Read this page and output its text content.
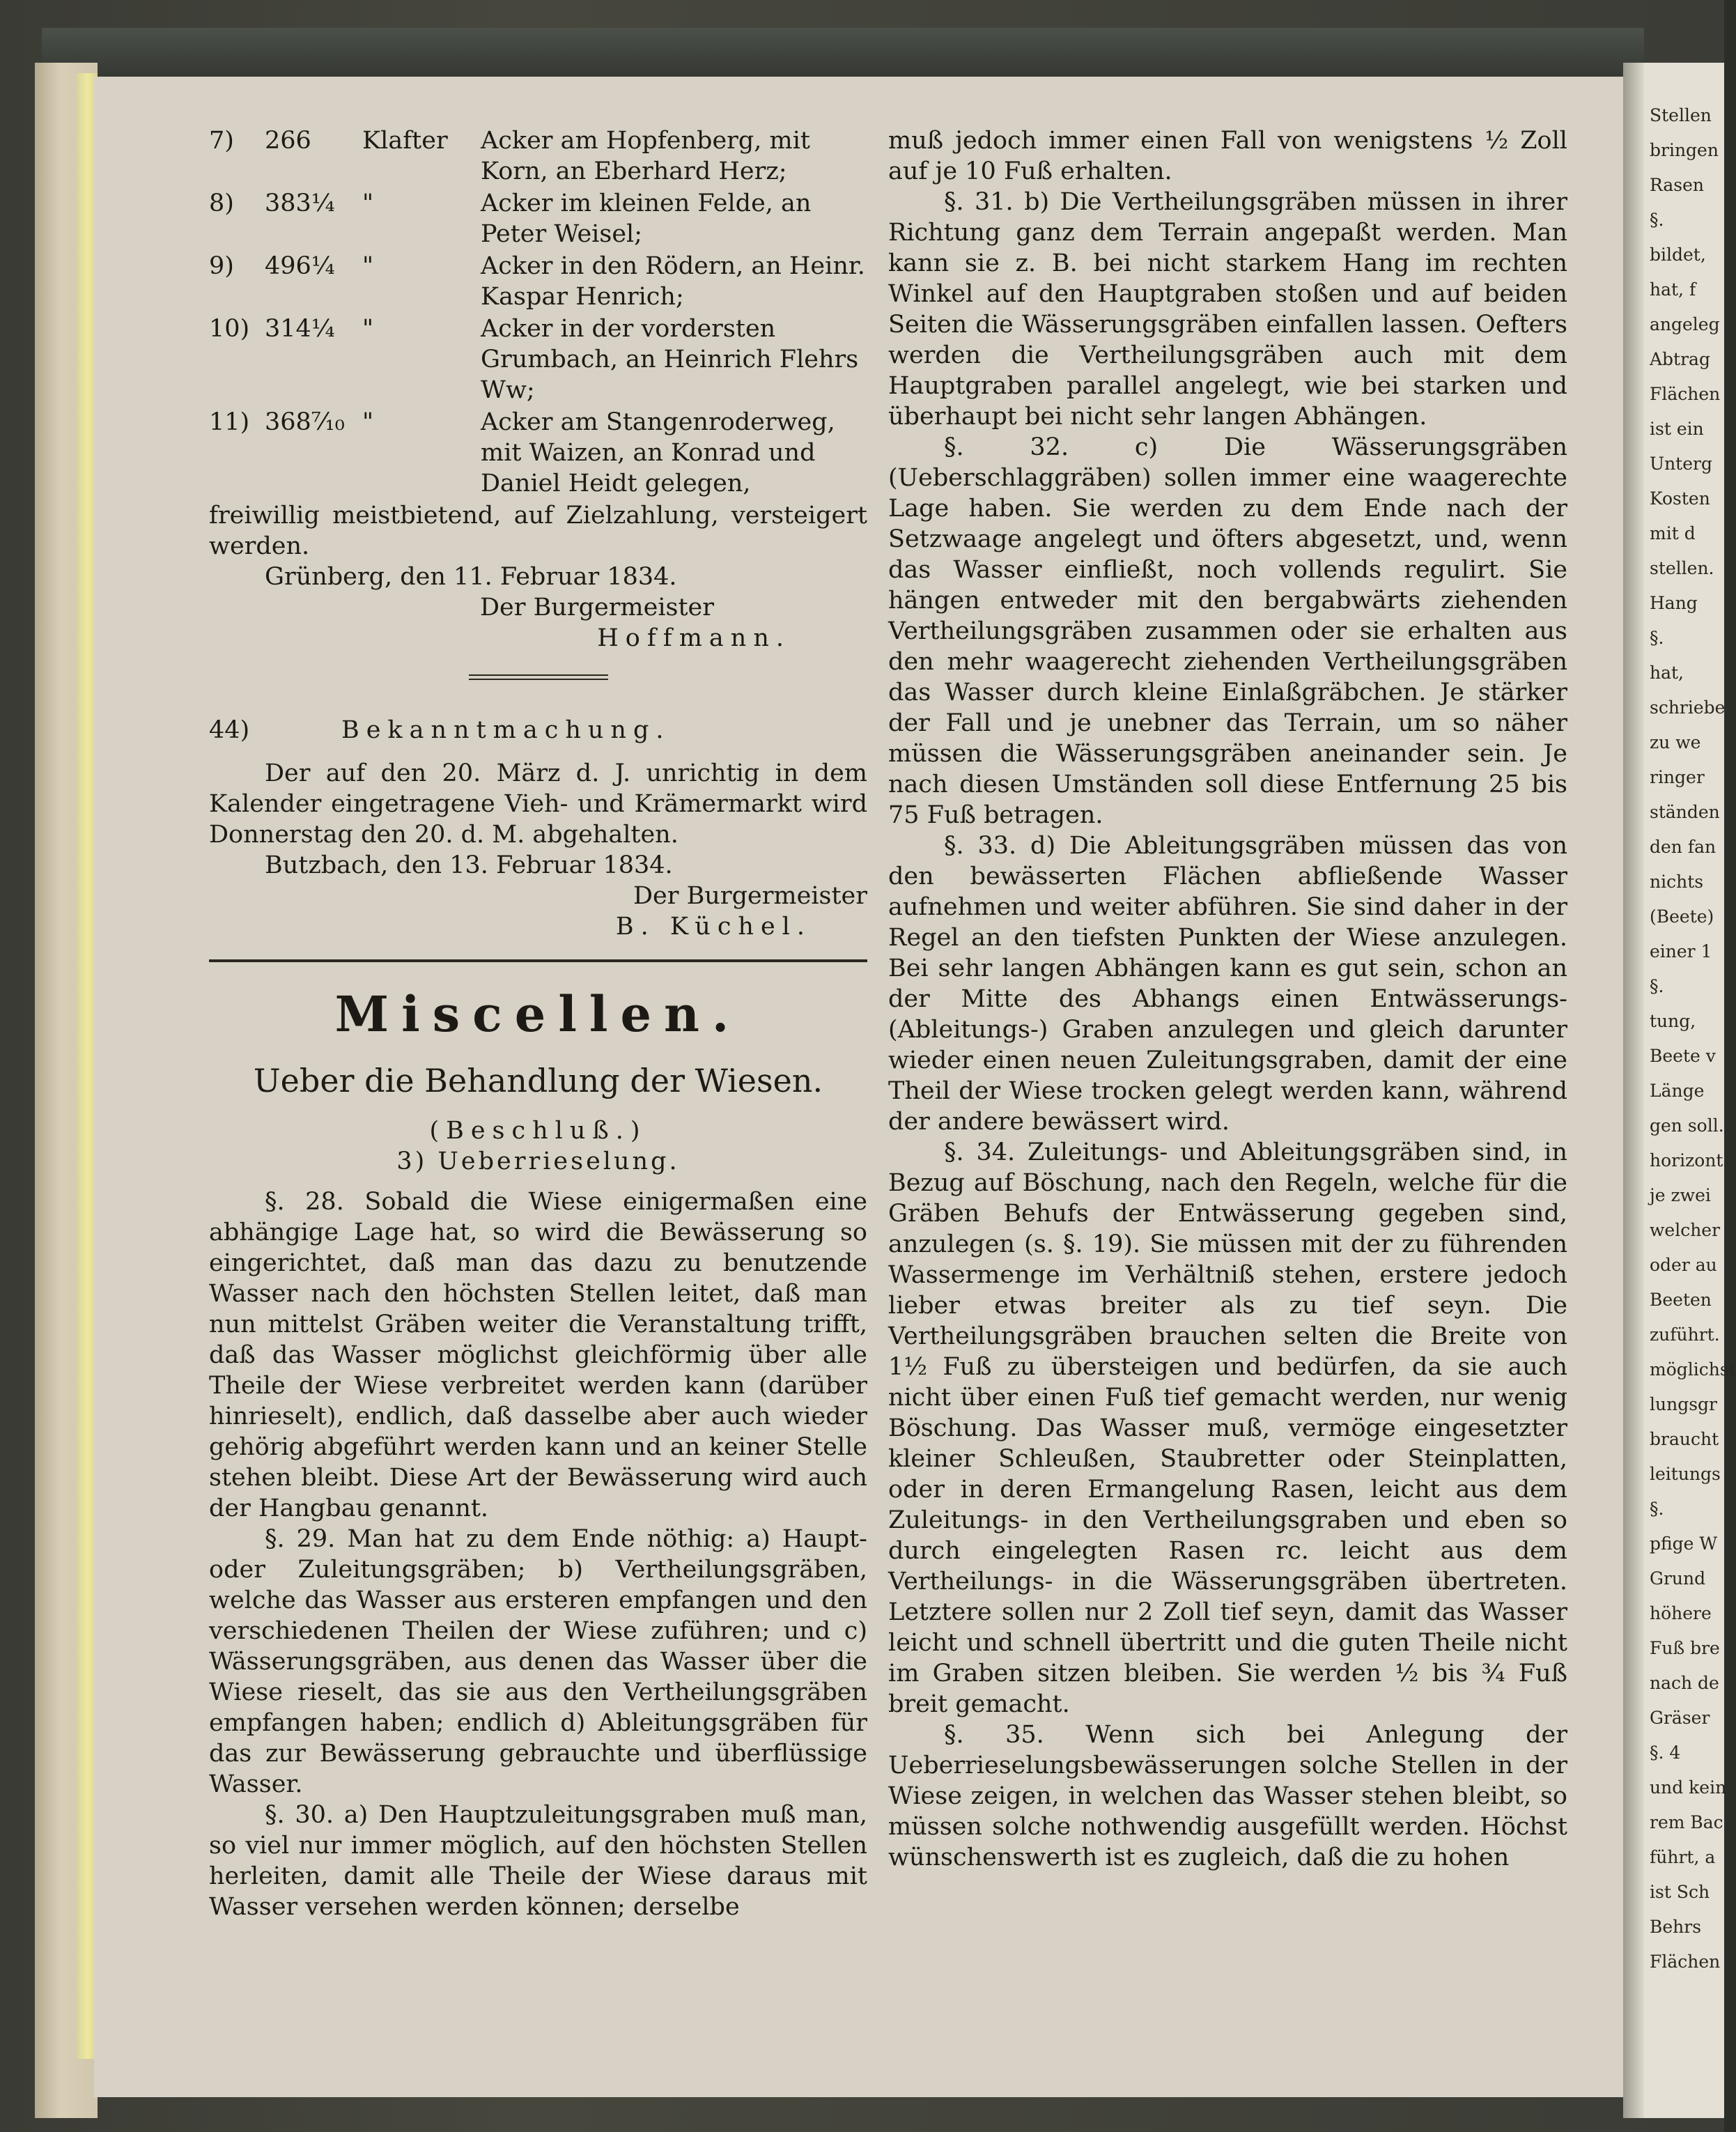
Stellen
bringen
Rasen
§.
bildet,
hat, f
angeleg
Abtrag
Flächen
ist ein
Unterg
Kosten
mit d
stellen.
Hang
§.
hat,
schriebe
zu we
ringer
ständen
den fan
nichts
(Beete)
einer 1
§.
tung,
Beete v
Länge
gen soll.
horizont
je zwei
welcher
oder au
Beeten
zuführt.
möglichst
lungsgr
braucht
leitungs
§.
pfige W
Grund
höhere
Fuß bre
nach de
Gräser
§. 4
und kein
rem Bac
führt, a
ist Sch
Behrs
Flächen
7)	266	Klafter	Acker am Hopfenberg, mit Korn, an Eberhard Herz;
8)	383¼	"	Acker im kleinen Felde, an Peter Weisel;
9)	496¼	"	Acker in den Rödern, an Heinr. Kaspar Henrich;
10) 314¼	"	Acker in der vordersten Grumbach, an Heinrich Flehrs Ww;
11) 368⁷⁄₁₀ "	Acker am Stangenroderweg, mit Waizen, an Konrad und Daniel Heidt gelegen,

freiwillig meistbietend, auf Zielzahlung, versteigert werden.

Grünberg, den 11. Februar 1834.

Der Burgermeister

Hoffmann.

44)	Bekanntmachung.

Der auf den 20. März d. J. unrichtig in dem Kalender eingetragene Vieh- und Krämermarkt wird Donnerstag den 20. d. M. abgehalten.

Butzbach, den 13. Februar 1834.

Der Burgermeister

B. Küchel.

Miscellen.
Ueber die Behandlung der Wiesen.

(Beschluß.)

3) Ueberrieselung.

§. 28. Sobald die Wiese einigermaßen eine abhängige Lage hat, so wird die Bewässerung so eingerichtet, daß man das dazu zu benutzende Wasser nach den höchsten Stellen leitet, daß man nun mittelst Gräben weiter die Veranstaltung trifft, daß das Wasser möglichst gleichförmig über alle Theile der Wiese verbreitet werden kann (darüber hinrieselt), endlich, daß dasselbe aber auch wieder gehörig abgeführt werden kann und an keiner Stelle stehen bleibt. Diese Art der Bewässerung wird auch der Hangbau genannt.

§. 29. Man hat zu dem Ende nöthig: a) Haupt- oder Zuleitungsgräben; b) Vertheilungsgräben, welche das Wasser aus ersteren empfangen und den verschiedenen Theilen der Wiese zuführen; und c) Wässerungsgräben, aus denen das Wasser über die Wiese rieselt, das sie aus den Vertheilungsgräben empfangen haben; endlich d) Ableitungsgräben für das zur Bewässerung gebrauchte und überflüssige Wasser.

§. 30. a) Den Hauptzuleitungsgraben muß man, so viel nur immer möglich, auf den höchsten Stellen herleiten, damit alle Theile der Wiese daraus mit Wasser versehen werden können; derselbe

muß jedoch immer einen Fall von wenigstens ½ Zoll auf je 10 Fuß erhalten.

§. 31. b) Die Vertheilungsgräben müssen in ihrer Richtung ganz dem Terrain angepaßt werden. Man kann sie z. B. bei nicht starkem Hang im rechten Winkel auf den Hauptgraben stoßen und auf beiden Seiten die Wässerungsgräben einfallen lassen. Oefters werden die Vertheilungsgräben auch mit dem Hauptgraben parallel angelegt, wie bei starken und überhaupt bei nicht sehr langen Abhängen.

§. 32. c) Die Wässerungsgräben (Ueberschlaggräben) sollen immer eine waagerechte Lage haben. Sie werden zu dem Ende nach der Setzwaage angelegt und öfters abgesetzt, und, wenn das Wasser einfließt, noch vollends regulirt. Sie hängen entweder mit den bergabwärts ziehenden Vertheilungsgräben zusammen oder sie erhalten aus den mehr waagerecht ziehenden Vertheilungsgräben das Wasser durch kleine Einlaßgräbchen. Je stärker der Fall und je unebner das Terrain, um so näher müssen die Wässerungsgräben aneinander sein. Je nach diesen Umständen soll diese Entfernung 25 bis 75 Fuß betragen.

§. 33. d) Die Ableitungsgräben müssen das von den bewässerten Flächen abfließende Wasser aufnehmen und weiter abführen. Sie sind daher in der Regel an den tiefsten Punkten der Wiese anzulegen. Bei sehr langen Abhängen kann es gut sein, schon an der Mitte des Abhangs einen Entwässerungs- (Ableitungs-) Graben anzulegen und gleich darunter wieder einen neuen Zuleitungsgraben, damit der eine Theil der Wiese trocken gelegt werden kann, während der andere bewässert wird.

§. 34. Zuleitungs- und Ableitungsgräben sind, in Bezug auf Böschung, nach den Regeln, welche für die Gräben Behufs der Entwässerung gegeben sind, anzulegen (s. §. 19). Sie müssen mit der zu führenden Wassermenge im Verhältniß stehen, erstere jedoch lieber etwas breiter als zu tief seyn. Die Vertheilungsgräben brauchen selten die Breite von 1½ Fuß zu übersteigen und bedürfen, da sie auch nicht über einen Fuß tief gemacht werden, nur wenig Böschung. Das Wasser muß, vermöge eingesetzter kleiner Schleußen, Staubretter oder Steinplatten, oder in deren Ermangelung Rasen, leicht aus dem Zuleitungs- in den Vertheilungsgraben und eben so durch eingelegten Rasen rc. leicht aus dem Vertheilungs- in die Wässerungsgräben übertreten. Letztere sollen nur 2 Zoll tief seyn, damit das Wasser leicht und schnell übertritt und die guten Theile nicht im Graben sitzen bleiben. Sie werden ½ bis ¾ Fuß breit gemacht.

§. 35. Wenn sich bei Anlegung der Ueberrieselungsbewässerungen solche Stellen in der Wiese zeigen, in welchen das Wasser stehen bleibt, so müssen solche nothwendig ausgefüllt werden. Höchst wünschenswerth ist es zugleich, daß die zu hohen
